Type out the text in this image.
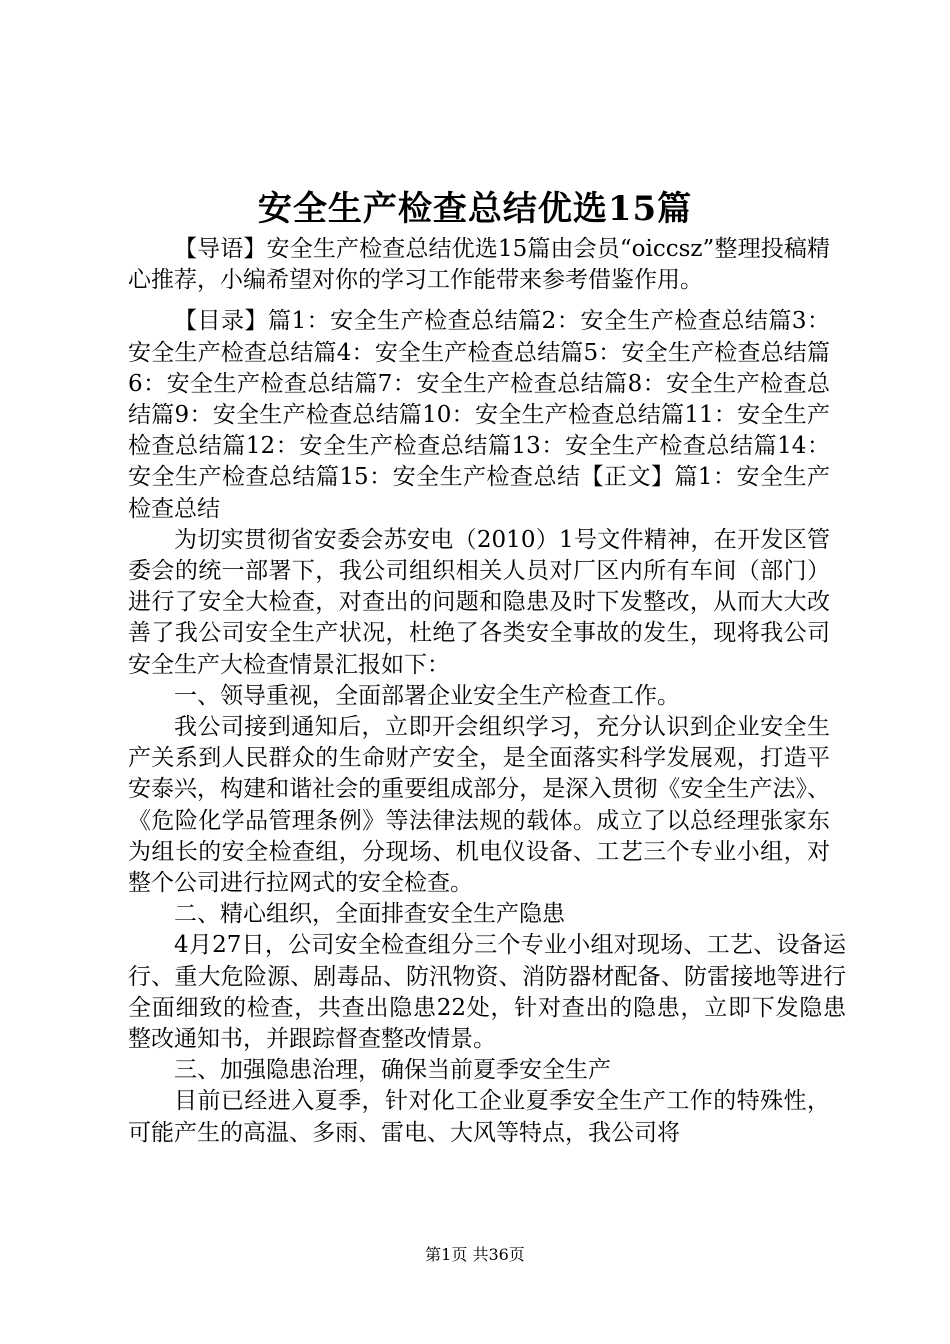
安全生产检查总结优选15篇

【导语】安全生产检查总结优选15篇由会员“oiccsz”整理投稿精心推荐，小编希望对你的学习工作能带来参考借鉴作用。

【目录】篇1：安全生产检查总结篇2：安全生产检查总结篇3：安全生产检查总结篇4：安全生产检查总结篇5：安全生产检查总结篇6：安全生产检查总结篇7：安全生产检查总结篇8：安全生产检查总结篇9：安全生产检查总结篇10：安全生产检查总结篇11：安全生产检查总结篇12：安全生产检查总结篇13：安全生产检查总结篇14：安全生产检查总结篇15：安全生产检查总结【正文】篇1：安全生产检查总结

为切实贯彻省安委会苏安电（2010）1号文件精神，在开发区管委会的统一部署下，我公司组织相关人员对厂区内所有车间（部门）进行了安全大检查，对查出的问题和隐患及时下发整改，从而大大改善了我公司安全生产状况，杜绝了各类安全事故的发生，现将我公司安全生产大检查情景汇报如下：

一、领导重视，全面部署企业安全生产检查工作。

我公司接到通知后，立即开会组织学习，充分认识到企业安全生产关系到人民群众的生命财产安全，是全面落实科学发展观，打造平安泰兴，构建和谐社会的重要组成部分，是深入贯彻《安全生产法》、《危险化学品管理条例》等法律法规的载体。成立了以总经理张家东为组长的安全检查组，分现场、机电仪设备、工艺三个专业小组，对整个公司进行拉网式的安全检查。

二、精心组织，全面排查安全生产隐患

4月27日，公司安全检查组分三个专业小组对现场、工艺、设备运行、重大危险源、剧毒品、防汛物资、消防器材配备、防雷接地等进行全面细致的检查，共查出隐患22处，针对查出的隐患，立即下发隐患整改通知书，并跟踪督查整改情景。

三、加强隐患治理，确保当前夏季安全生产

目前已经进入夏季，针对化工企业夏季安全生产工作的特殊性，可能产生的高温、多雨、雷电、大风等特点，我公司将

第1页 共36页
